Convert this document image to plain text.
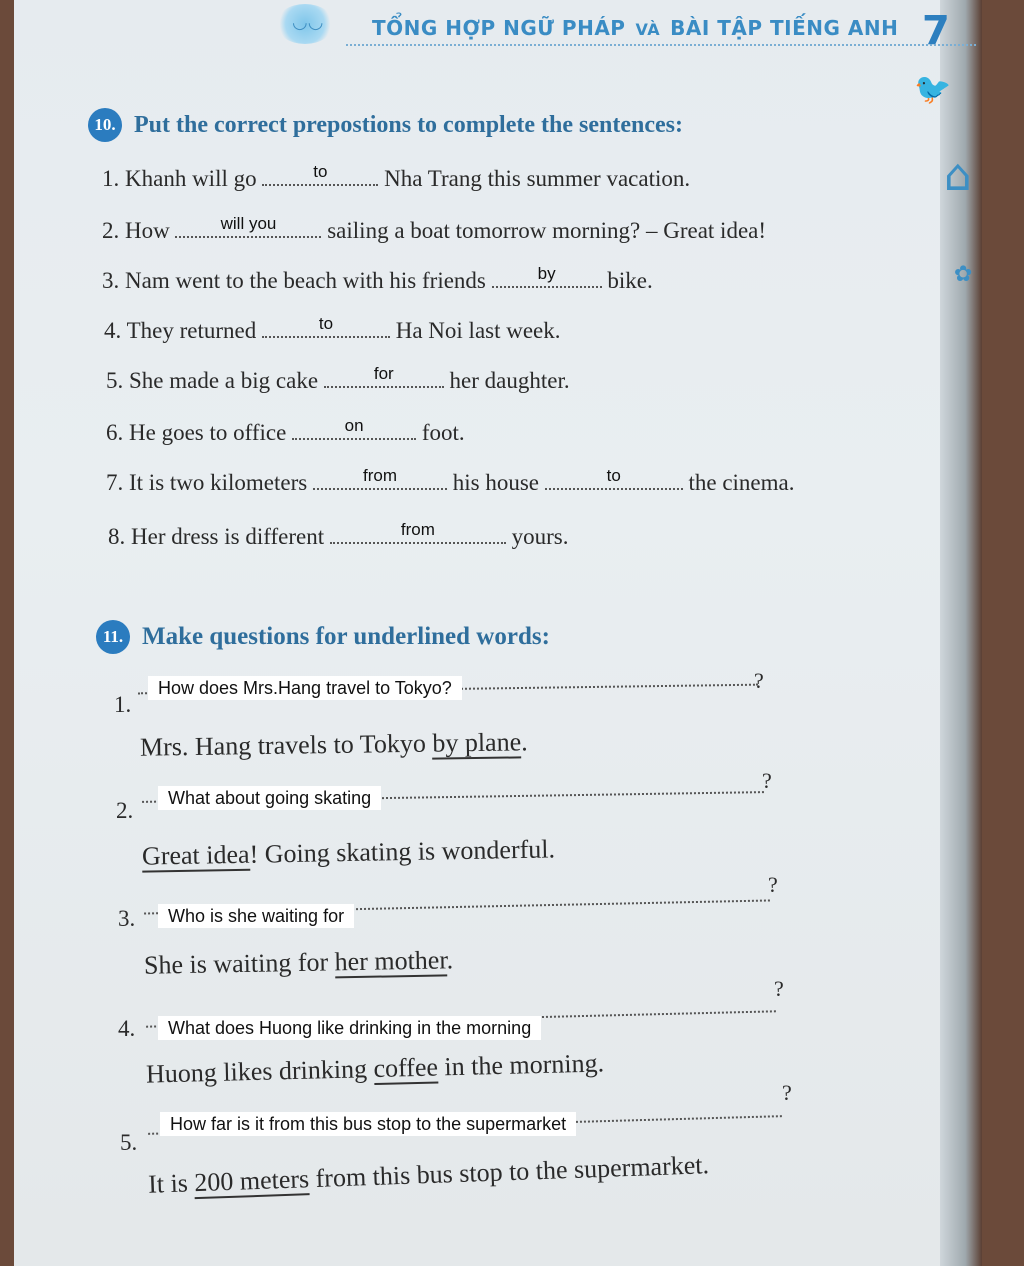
◡◡ TỔNG HỢP NGỮ PHÁP VÀ BÀI TẬP TIẾNG ANH 7
🐦
⌂
✿
10. Put the correct prepostions to complete the sentences:
1. Khanh will go	to Nha Trang this summer vacation.
2. How	will you sailing a boat tomorrow morning? – Great idea!
3. Nam went to the beach with his friends	by bike.
4. They returned	to	Ha Noi last week.
5. She made a big cake	for her daughter.
6. He goes to office	on	foot.
7. It is two kilometers	from his house	to	the cinema.
8. Her dress is different	from	yours.
11. Make questions for underlined words:
1.
?
How does Mrs.Hang travel to Tokyo?
Mrs. Hang travels to Tokyo by plane.
2.
?
What about going skating
Great idea! Going skating is wonderful.
3.
?
Who is she waiting for
She is waiting for her mother.
4.
?
What does Huong like drinking in the morning
Huong likes drinking coffee in the morning.
5.
?
How far is it from this bus stop to the supermarket
It is 200 meters from this bus stop to the supermarket.
